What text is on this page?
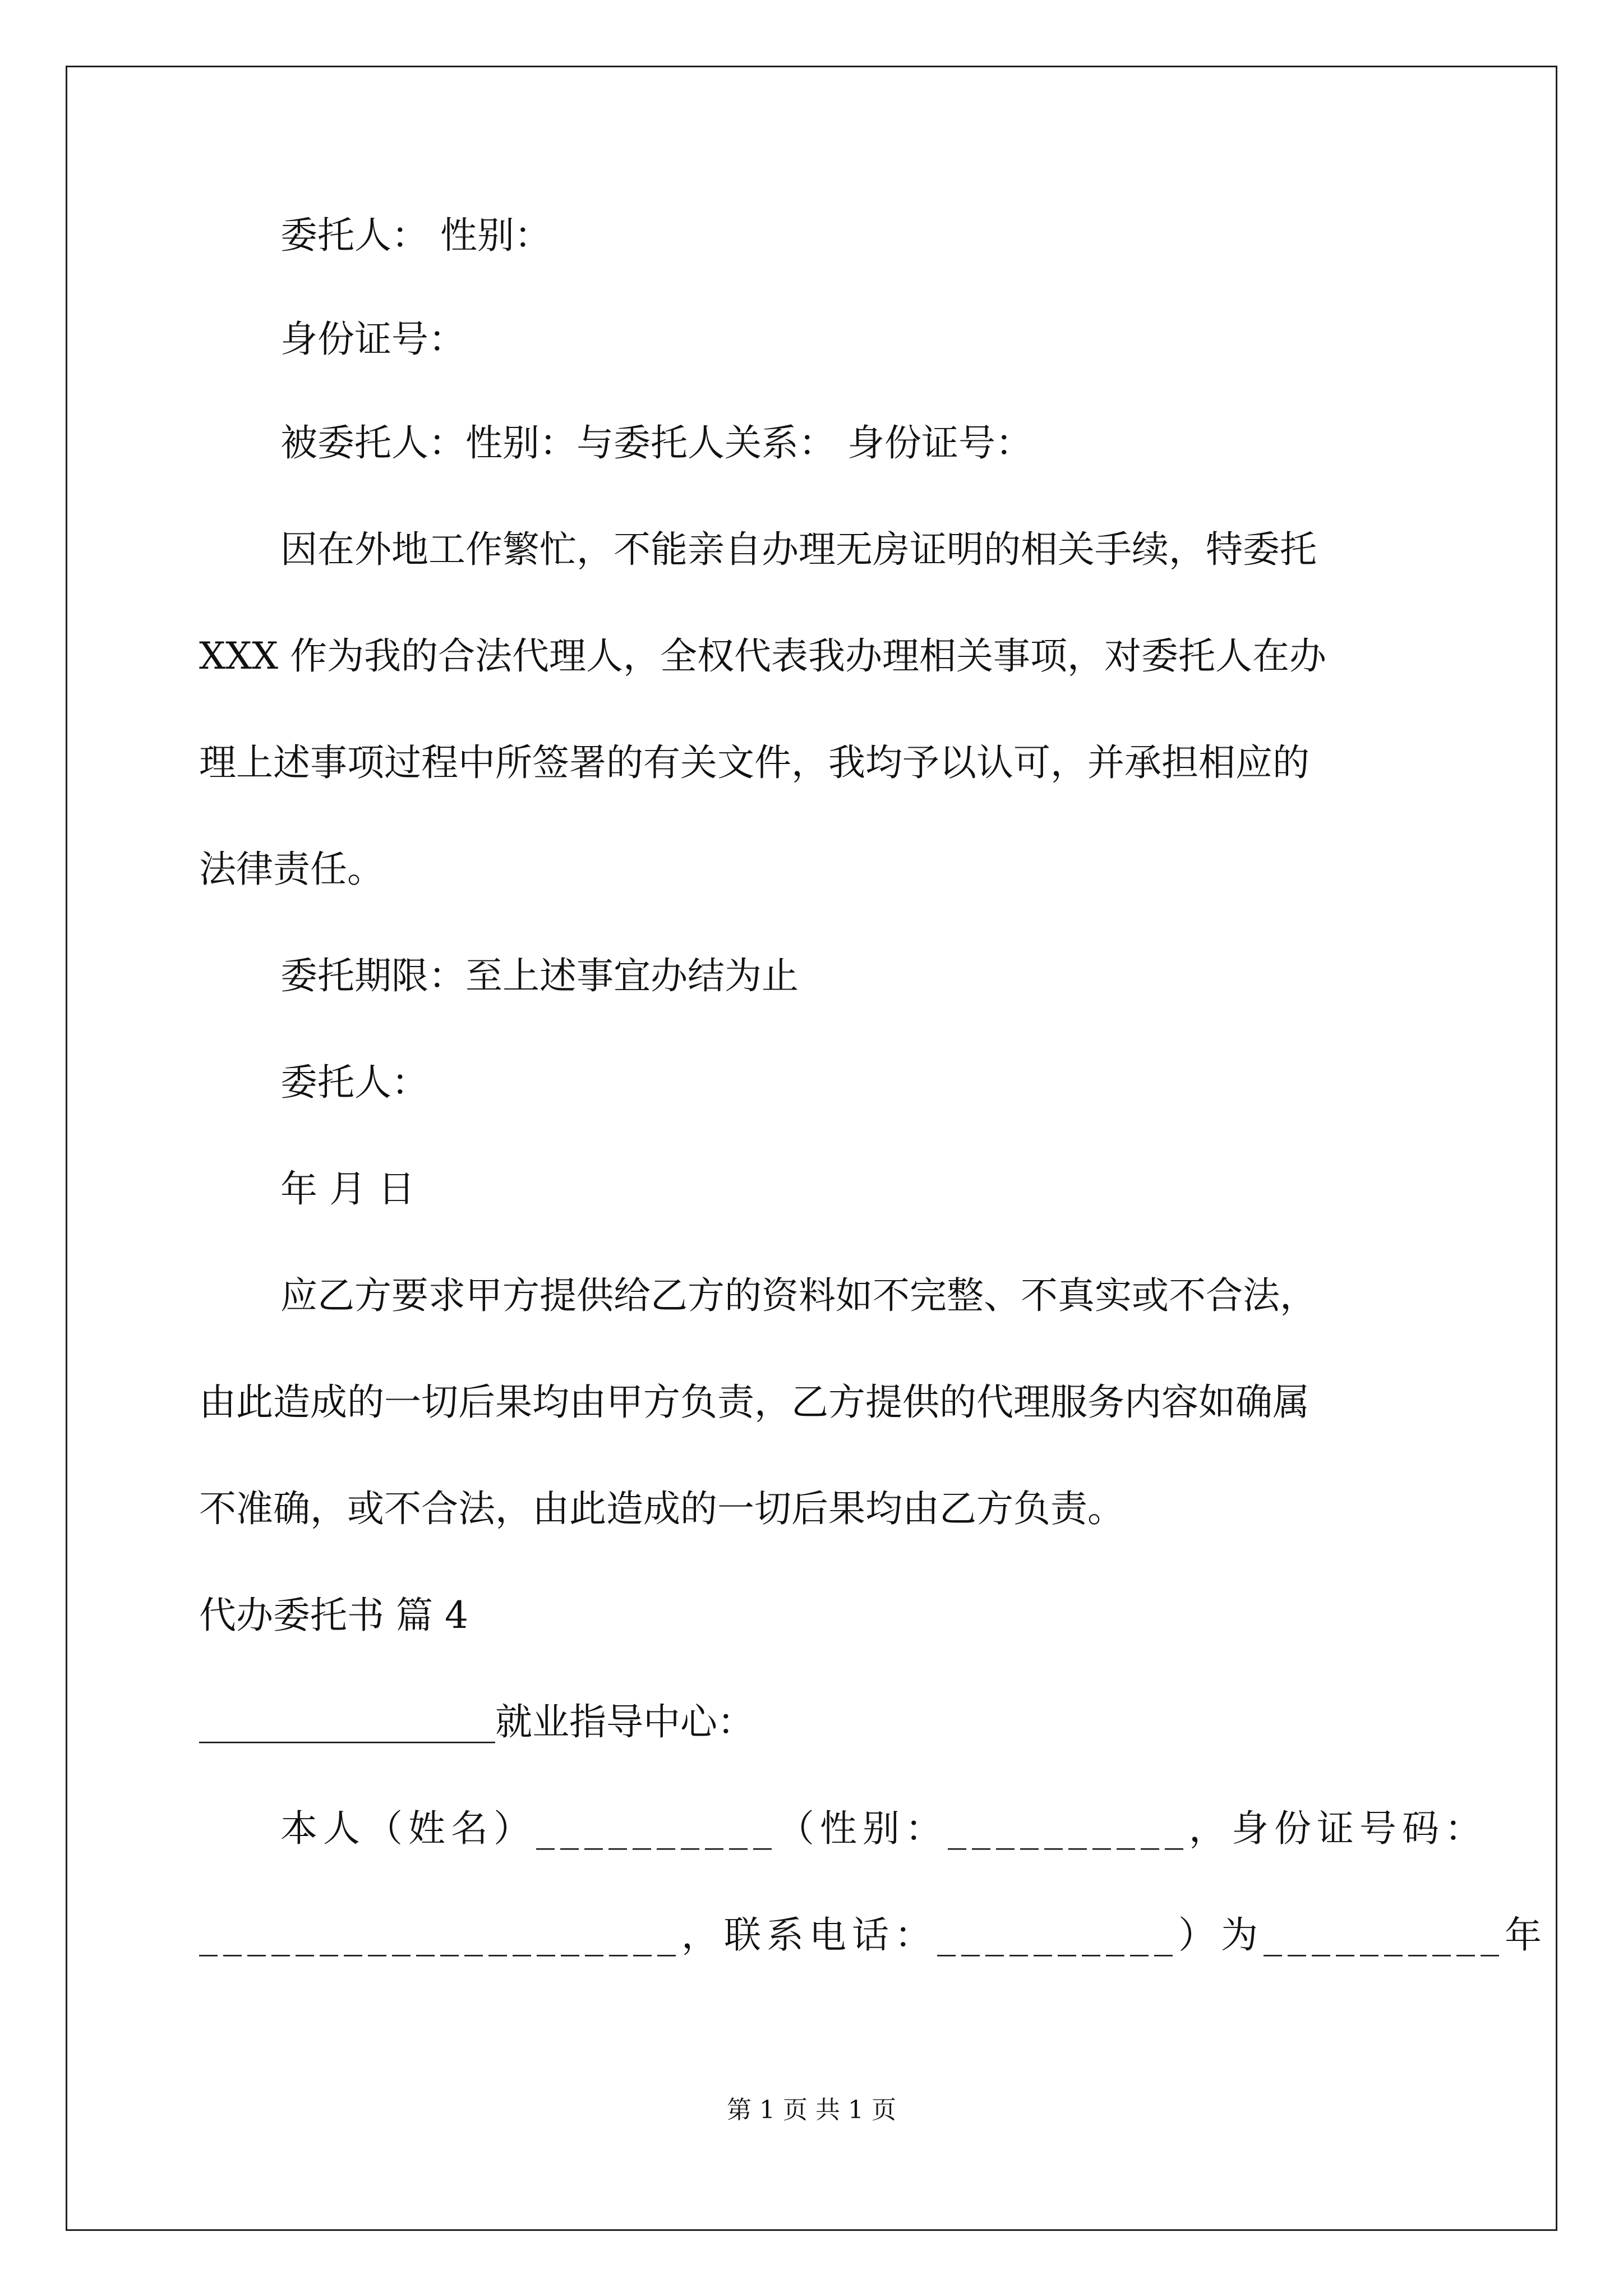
委托人： 性别：
身份证号：
被委托人：性别：与委托人关系： 身份证号：
因在外地工作繁忙，不能亲自办理无房证明的相关手续，特委托
XXX 作为我的合法代理人，全权代表我办理相关事项，对委托人在办
理上述事项过程中所签署的有关文件，我均予以认可，并承担相应的
法律责任。
委托期限：至上述事宜办结为止
委托人：
年 月 日
应乙方要求甲方提供给乙方的资料如不完整、不真实或不合法，
由此造成的一切后果均由甲方负责，乙方提供的代理服务内容如确属
不准确，或不合法，由此造成的一切后果均由乙方负责。
代办委托书 篇 4
________________就业指导中心：
本人（姓名）__________（性别：__________，身份证号码：
____________________，联系电话：__________）为__________年
第 1 页 共 1 页
